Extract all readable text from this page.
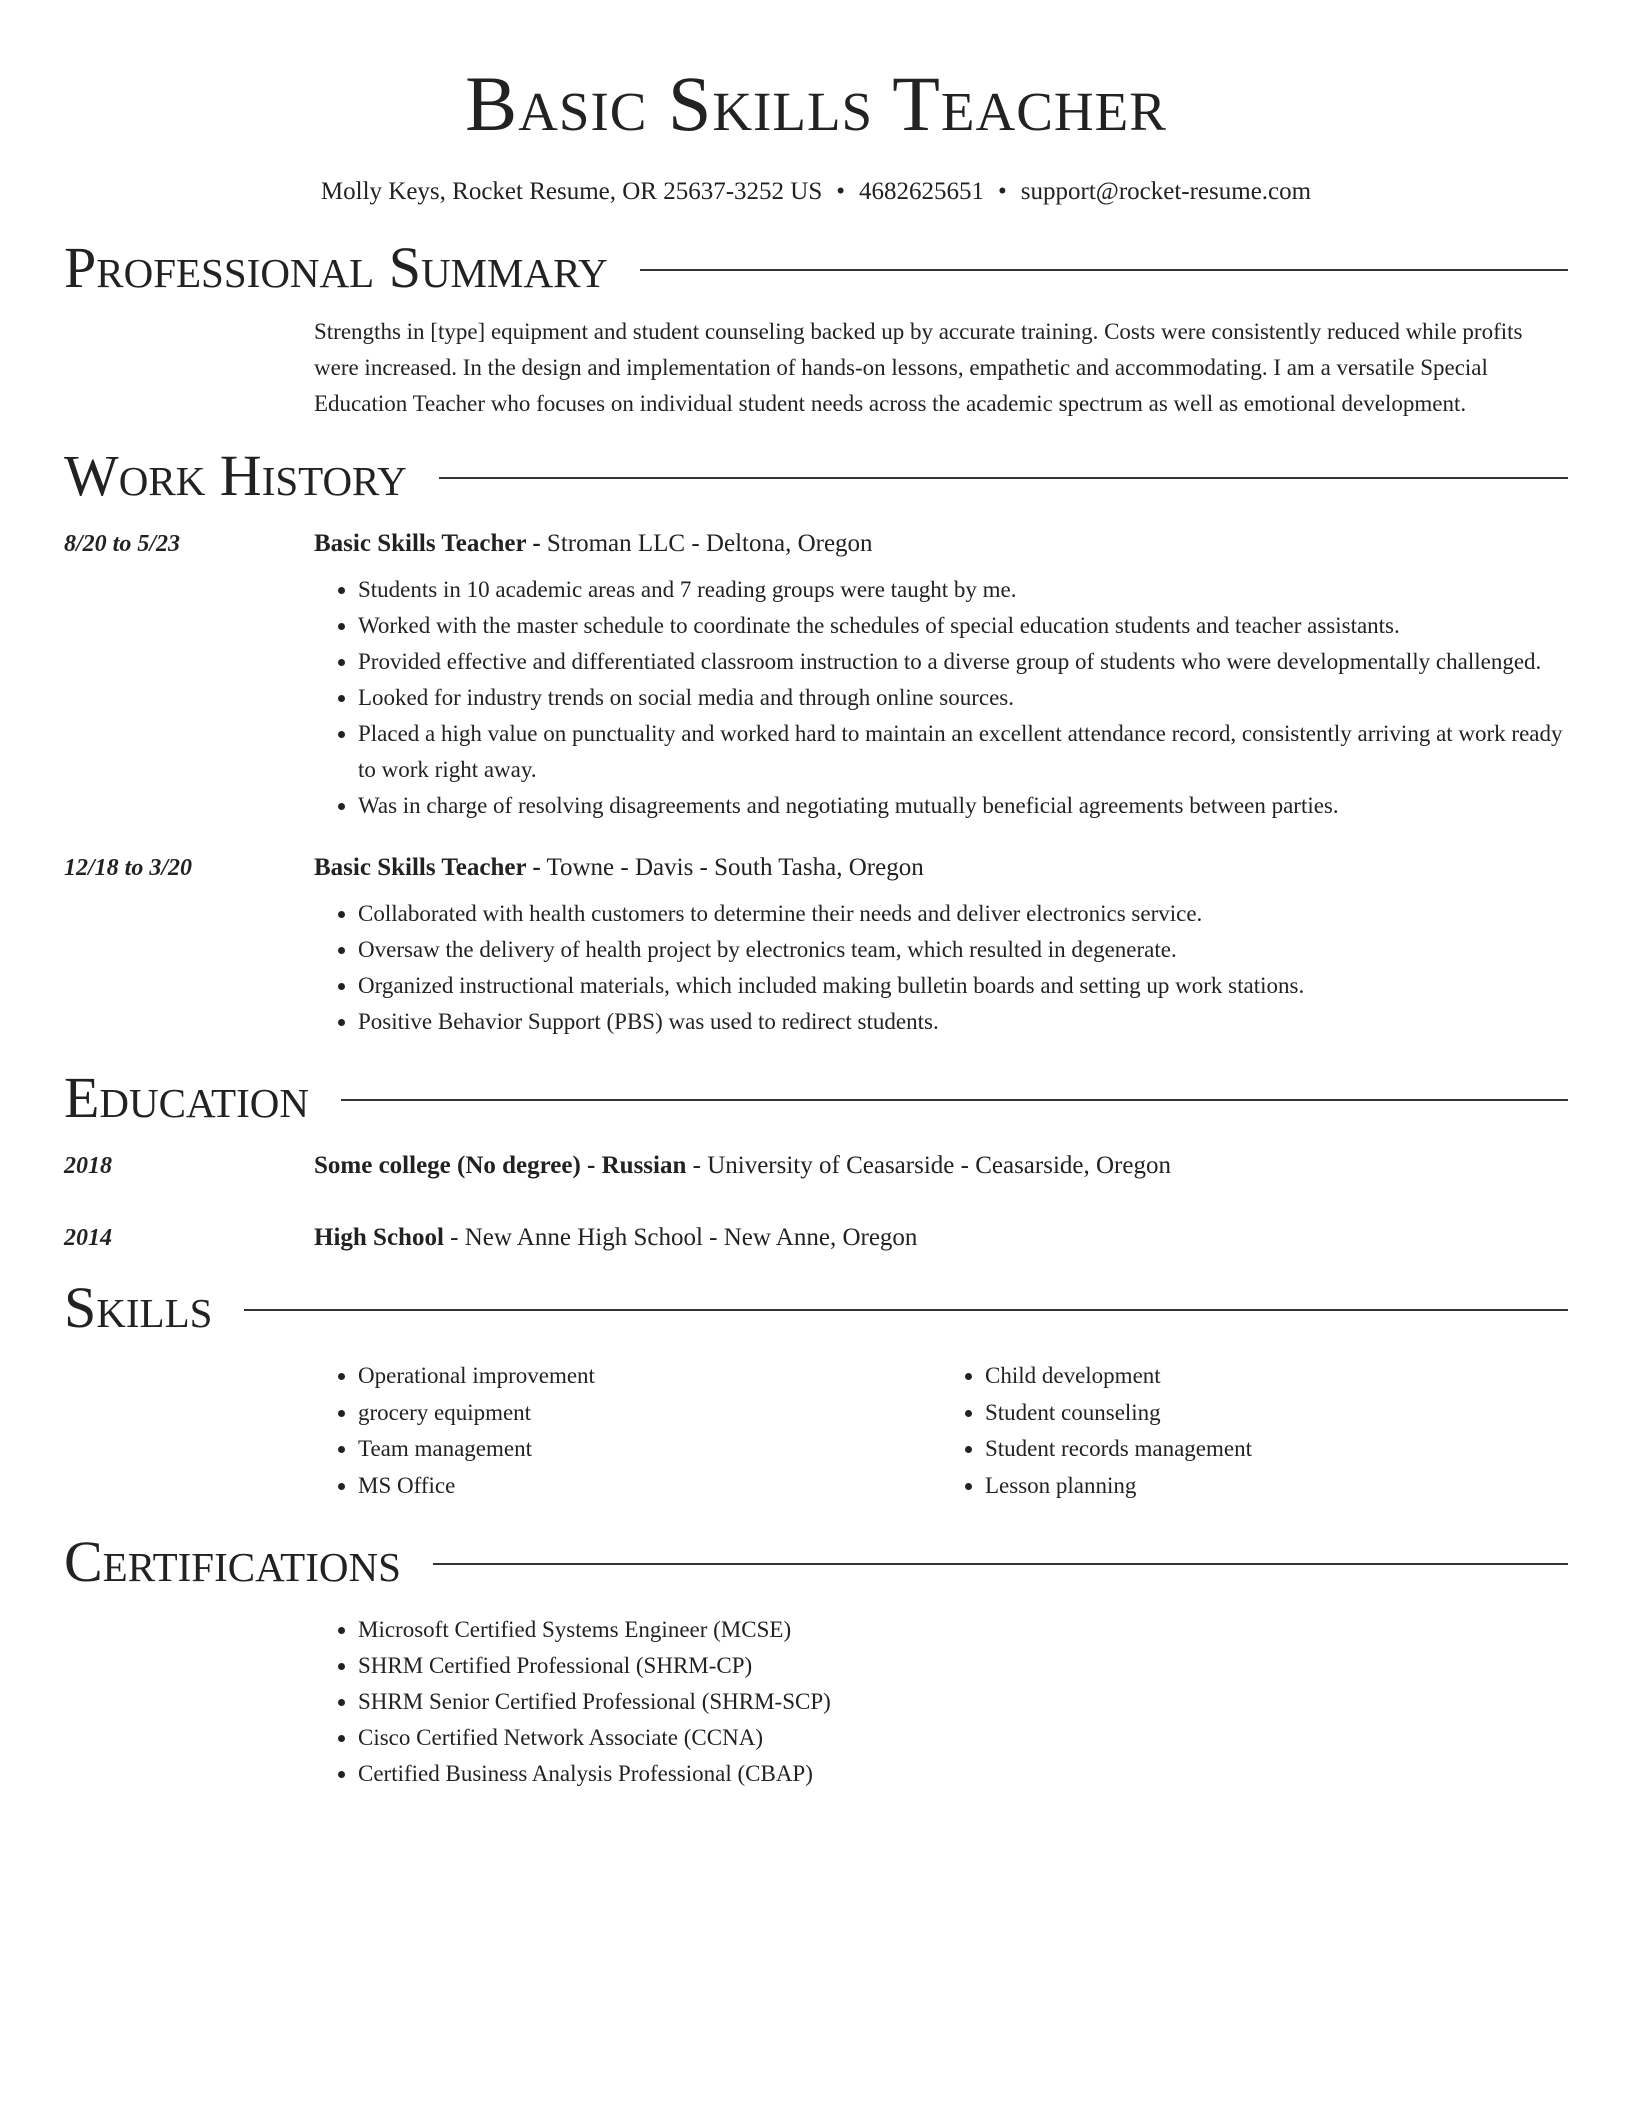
Basic Skills Teacher
Molly Keys, Rocket Resume, OR 25637-3252 US • 4682625651 • support@rocket-resume.com
Professional Summary

Strengths in [type] equipment and student counseling backed up by accurate training. Costs were consistently reduced while profits were increased. In the design and implementation of hands-on lessons, empathetic and accommodating. I am a versatile Special Education Teacher who focuses on individual student needs across the academic spectrum as well as emotional development.

Work History
8/20 to 5/23	Basic Skills Teacher - Stroman LLC - Deltona, Oregon
• Students in 10 academic areas and 7 reading groups were taught by me.
• Worked with the master schedule to coordinate the schedules of special education students and teacher assistants.
• Provided effective and differentiated classroom instruction to a diverse group of students who were developmentally challenged.
• Looked for industry trends on social media and through online sources.
• Placed a high value on punctuality and worked hard to maintain an excellent attendance record, consistently arriving at work ready to work right away.
• Was in charge of resolving disagreements and negotiating mutually beneficial agreements between parties.
12/18 to 3/20	Basic Skills Teacher - Towne - Davis - South Tasha, Oregon
• Collaborated with health customers to determine their needs and deliver electronics service.
• Oversaw the delivery of health project by electronics team, which resulted in degenerate.
• Organized instructional materials, which included making bulletin boards and setting up work stations.
• Positive Behavior Support (PBS) was used to redirect students.
Education
2018	Some college (No degree) - Russian - University of Ceasarside - Ceasarside, Oregon
2014	High School - New Anne High School - New Anne, Oregon
Skills
• Operational improvement
• grocery equipment
• Team management
• MS Office
• Child development
• Student counseling
• Student records management
• Lesson planning
Certifications
• Microsoft Certified Systems Engineer (MCSE)
• SHRM Certified Professional (SHRM-CP)
• SHRM Senior Certified Professional (SHRM-SCP)
• Cisco Certified Network Associate (CCNA)
• Certified Business Analysis Professional (CBAP)
